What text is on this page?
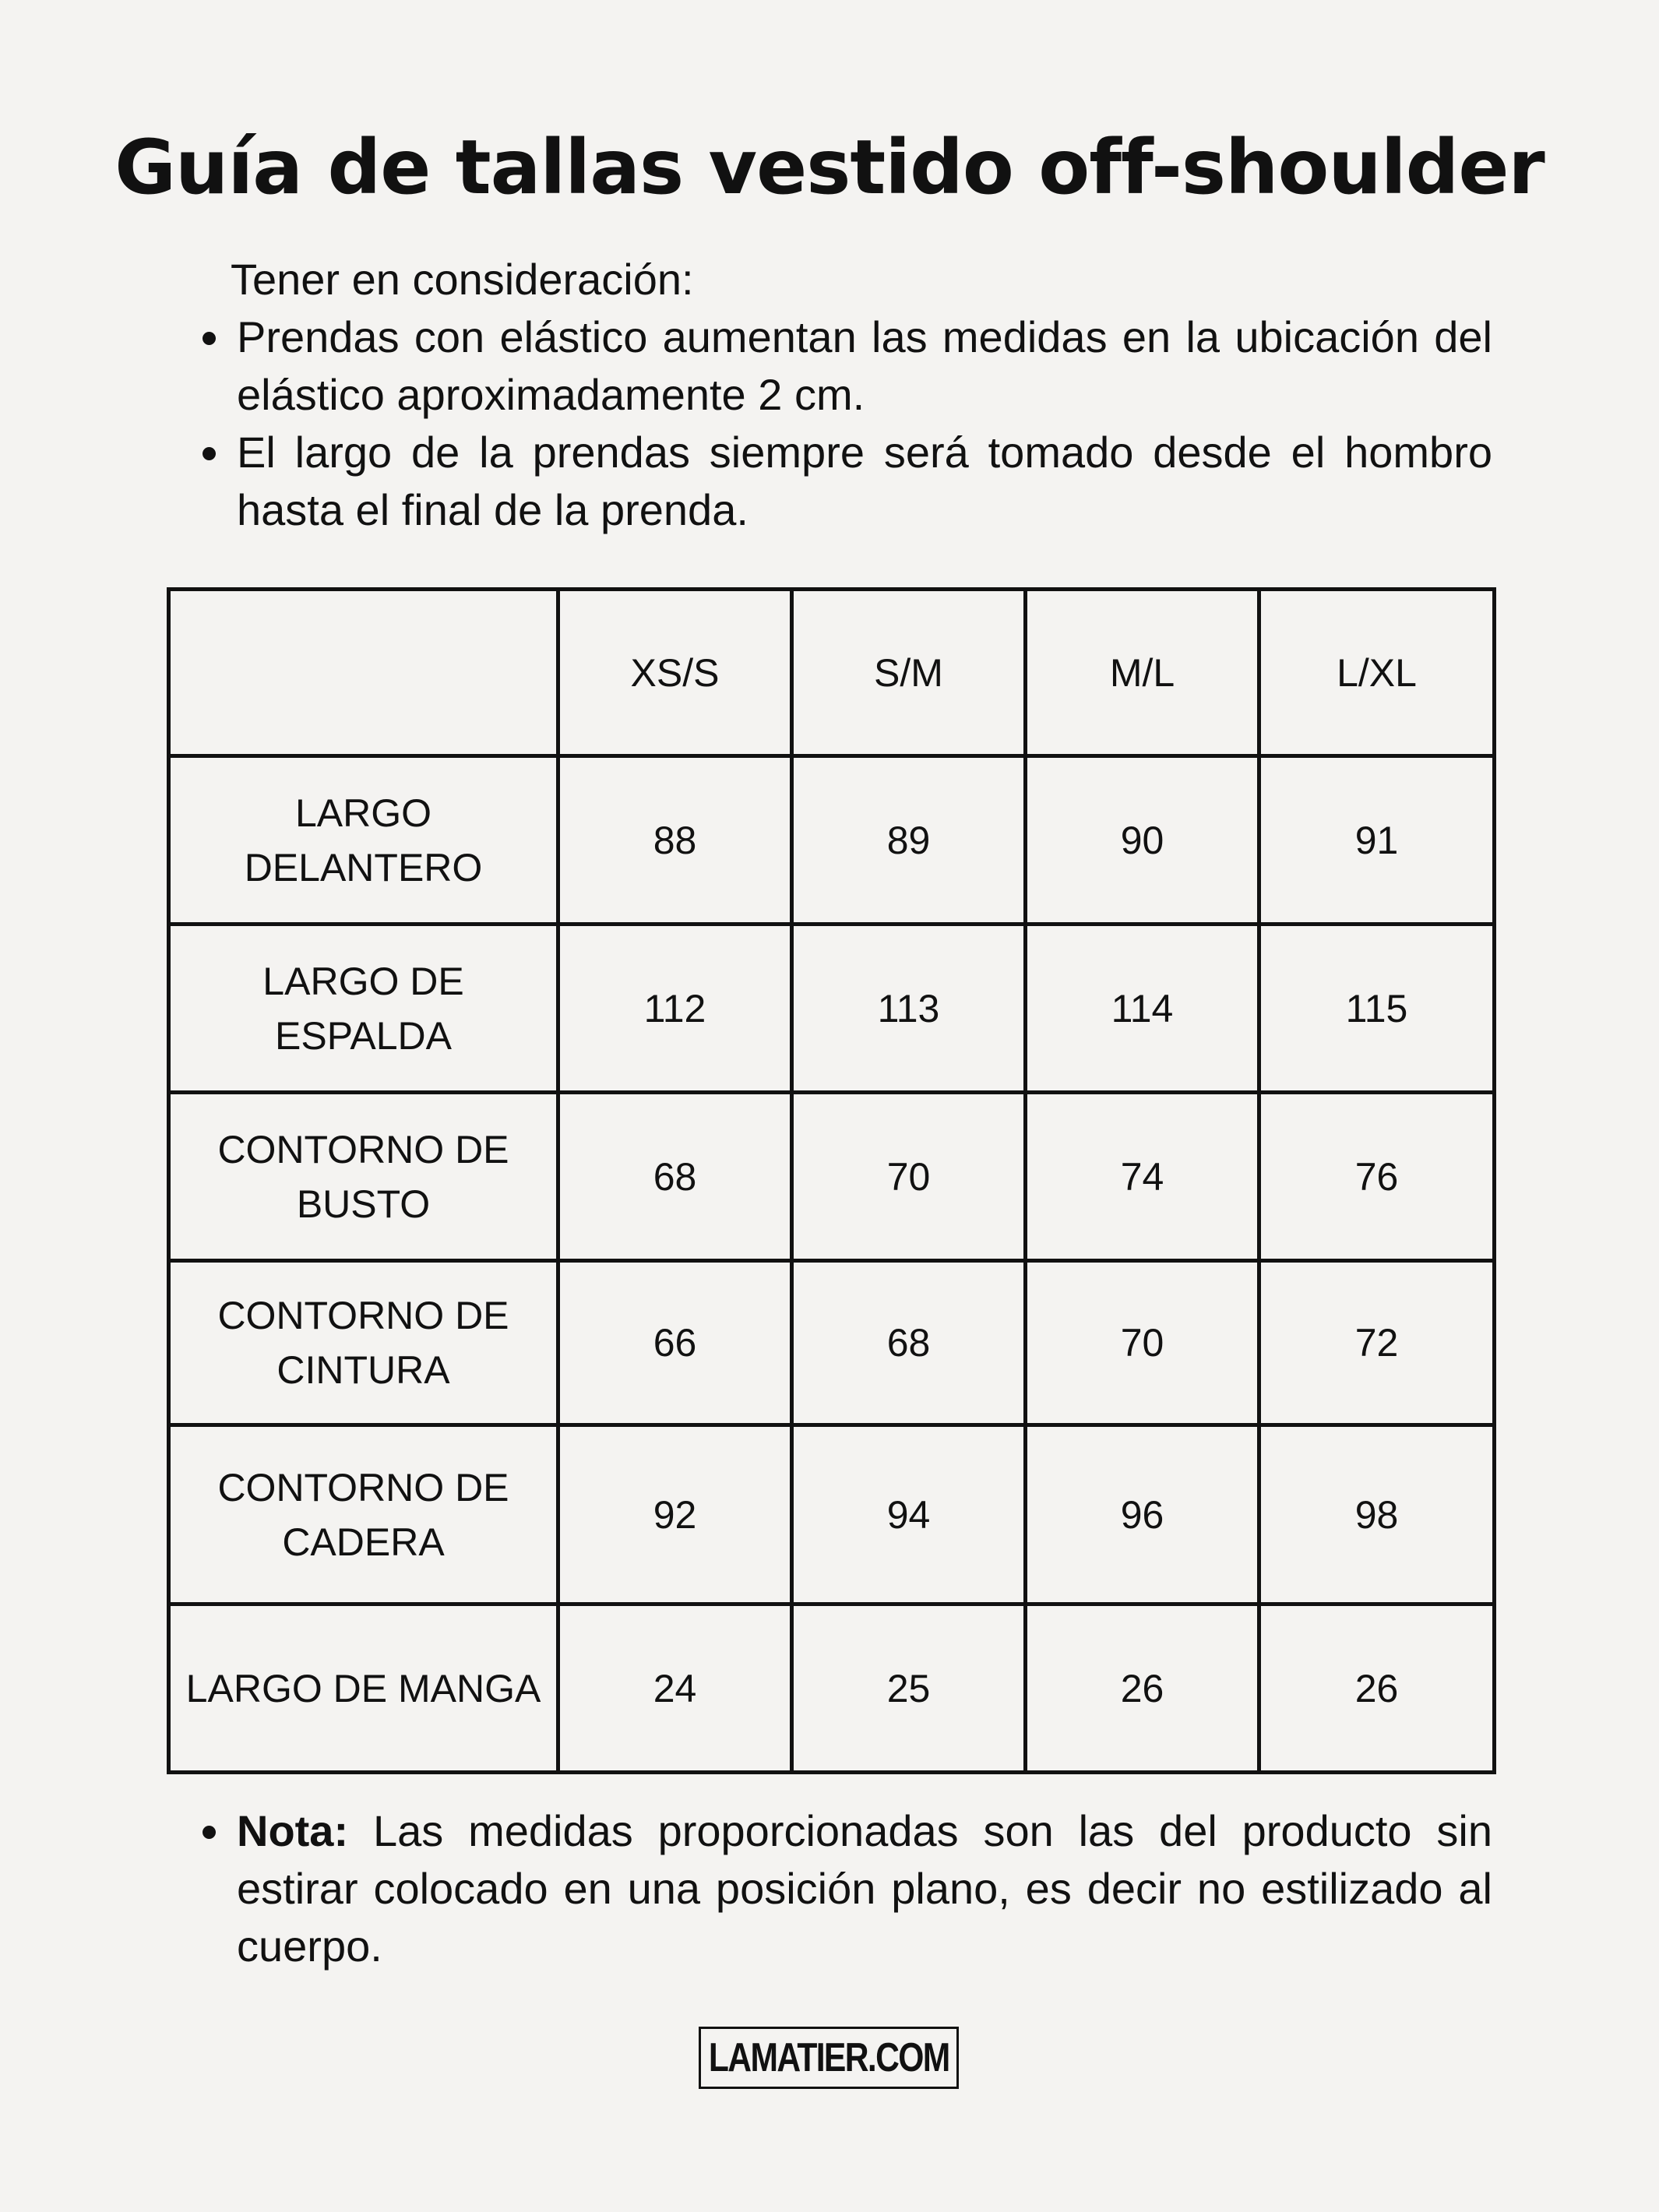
Guía de tallas vestido off-shoulder

Tener en consideración:

Prendas con elástico aumentan las medidas en la ubicación del elástico aproximadamente 2 cm.
El largo de la prendas siempre será tomado desde el hombro hasta el final de la prenda.
	XS/S	S/M	M/L	L/XL
LARGO DELANTERO	88	89	90	91
LARGO DE ESPALDA	112	113	114	115
CONTORNO DE BUSTO	68	70	74	76
CONTORNO DE CINTURA	66	68	70	72
CONTORNO DE CADERA	92	94	96	98
LARGO DE MANGA	24	25	26	26
Nota: Las medidas proporcionadas son las del producto sin estirar colocado en una posición plano, es decir no estilizado al cuerpo.
LAMATIER.COM
